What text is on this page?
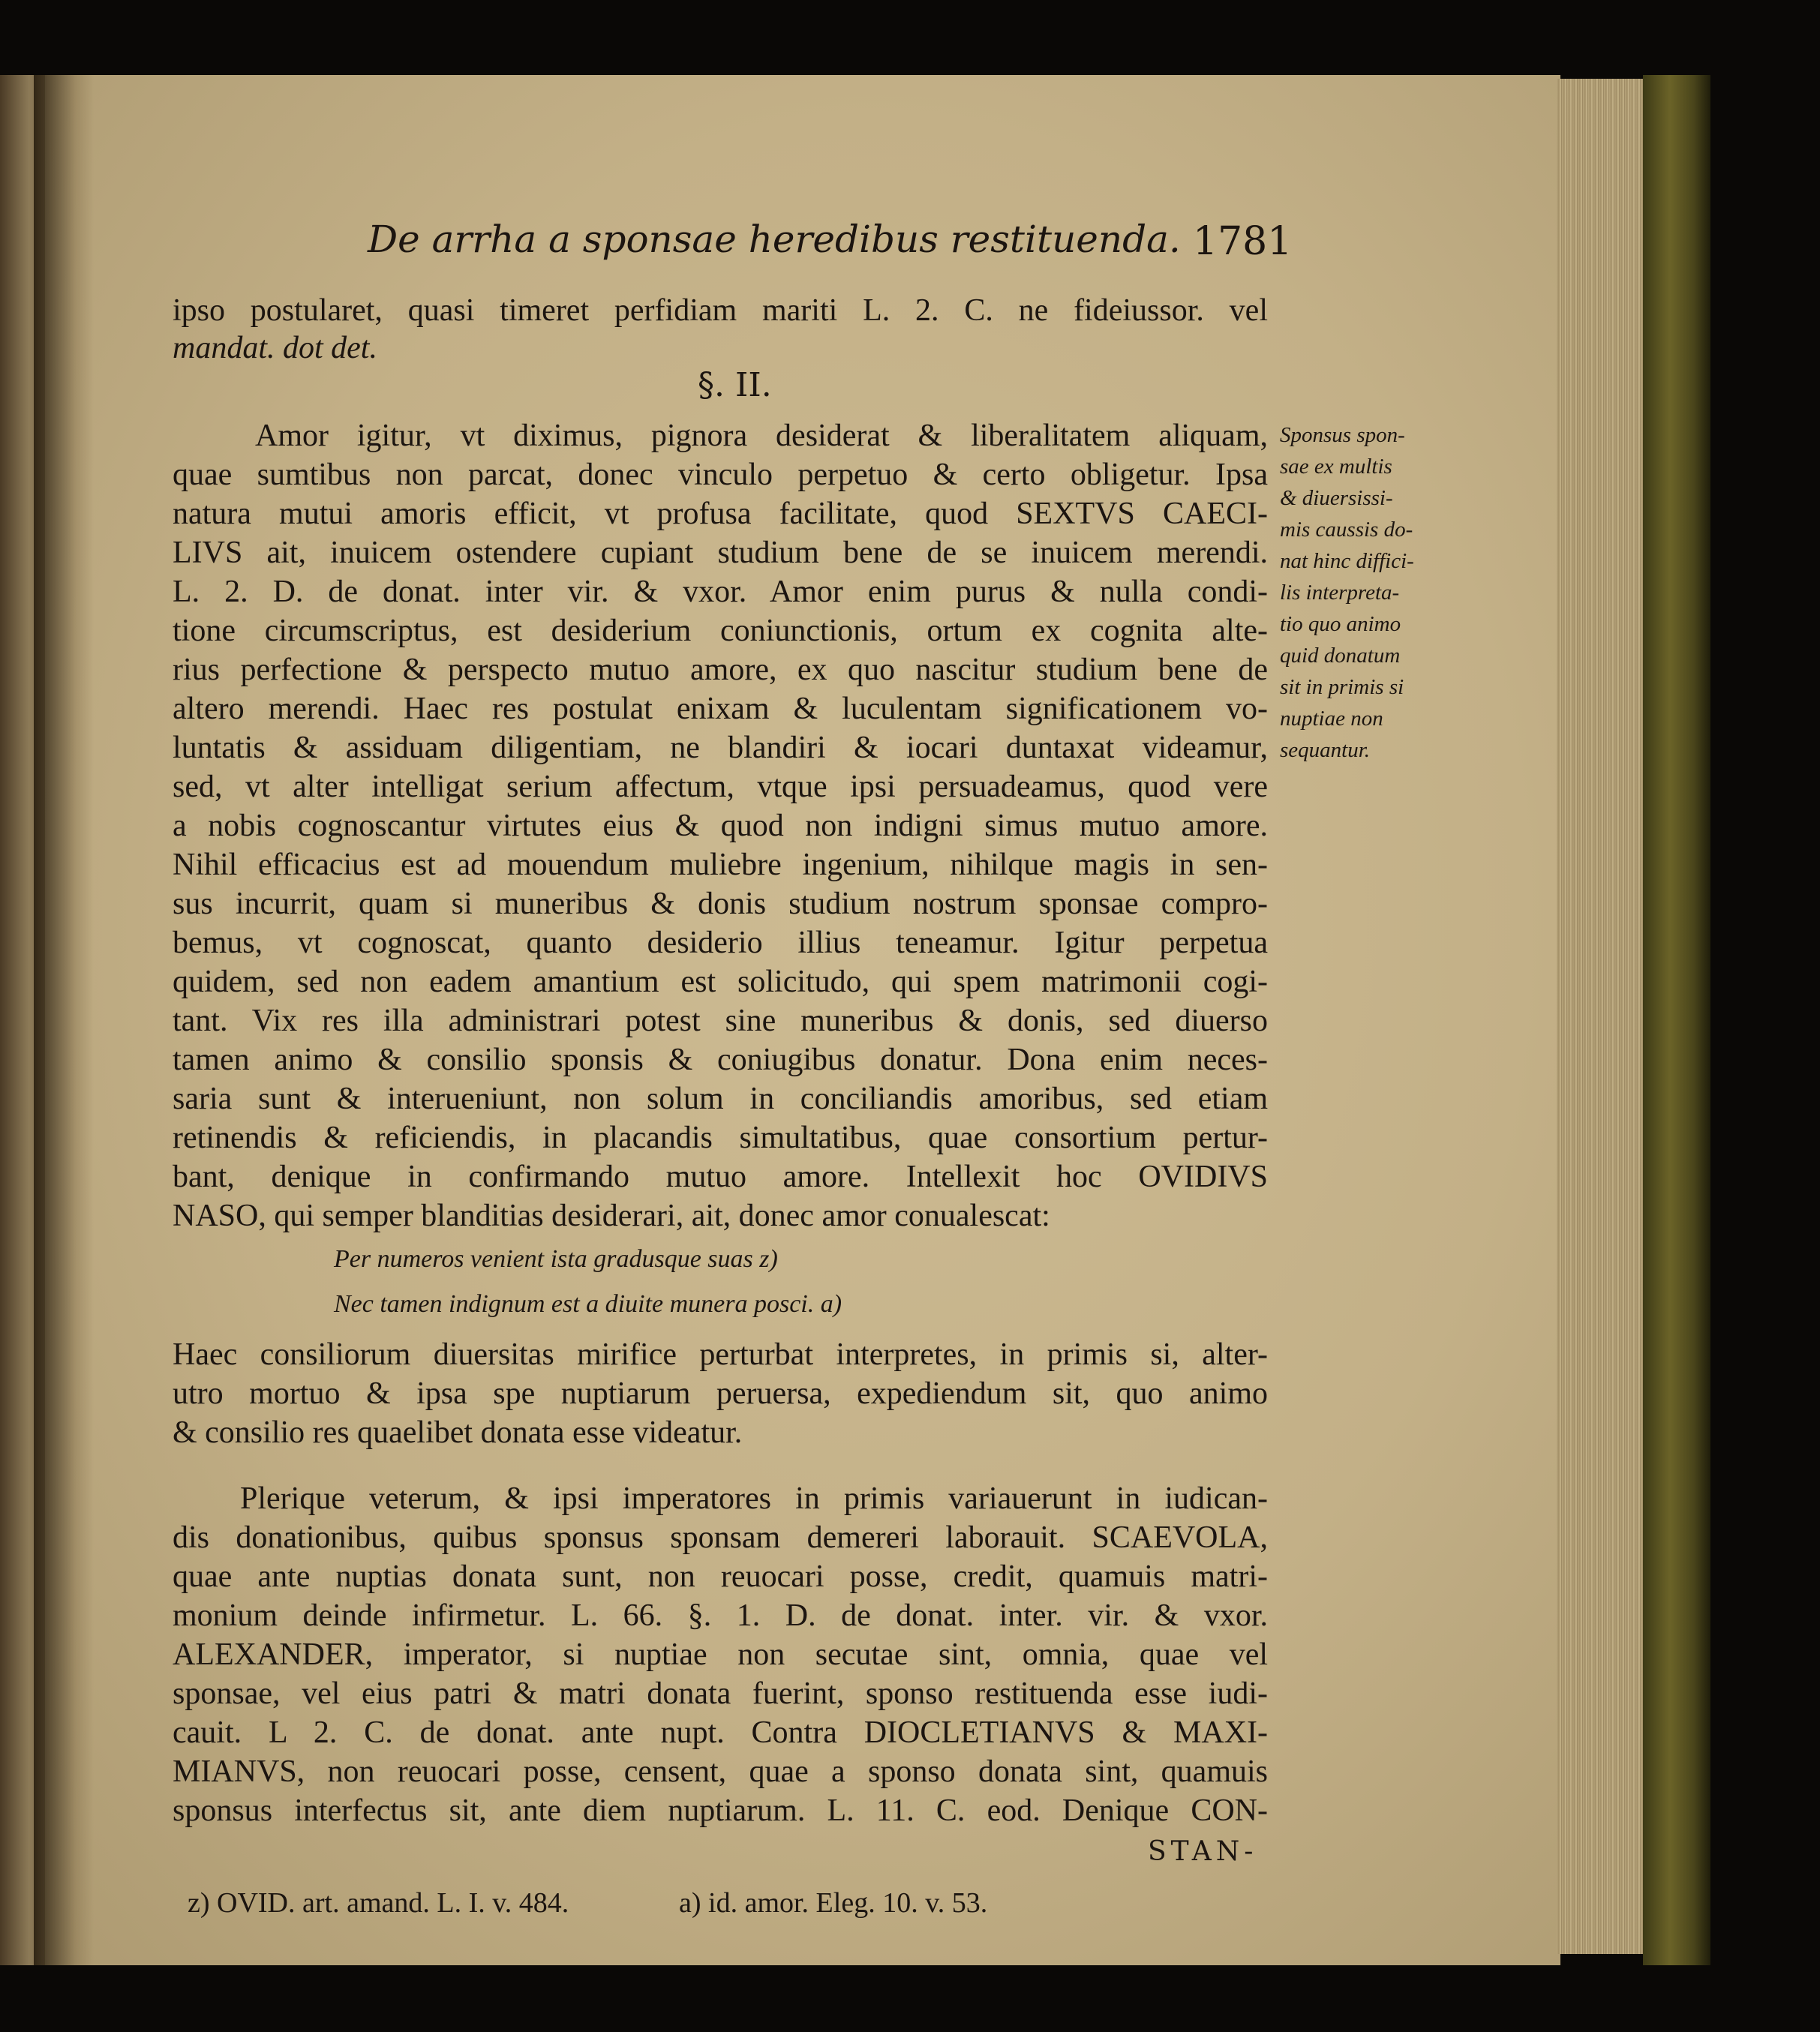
De arrha a sponsae heredibus restituenda. 1781
ipso postularet, quasi timeret perfidiam mariti L. 2. C. ne fideiussor. vel
mandat. dot det.
§. II.
Amor igitur, vt diximus, pignora desiderat & liberalitatem aliquam,
quae sumtibus non parcat, donec vinculo perpetuo & certo obligetur. Ipsa
natura mutui amoris efficit, vt profusa facilitate, quod SEXTVS CAECI-
LIVS ait, inuicem ostendere cupiant studium bene de se inuicem merendi.
L. 2. D. de donat. inter vir. & vxor. Amor enim purus & nulla condi-
tione circumscriptus, est desiderium coniunctionis, ortum ex cognita alte-
rius perfectione & perspecto mutuo amore, ex quo nascitur studium bene de
altero merendi. Haec res postulat enixam & luculentam significationem vo-
luntatis & assiduam diligentiam, ne blandiri & iocari duntaxat videamur,
sed, vt alter intelligat serium affectum, vtque ipsi persuadeamus, quod vere
a nobis cognoscantur virtutes eius & quod non indigni simus mutuo amore.
Nihil efficacius est ad mouendum muliebre ingenium, nihilque magis in sen-
sus incurrit, quam si muneribus & donis studium nostrum sponsae compro-
bemus, vt cognoscat, quanto desiderio illius teneamur. Igitur perpetua
quidem, sed non eadem amantium est solicitudo, qui spem matrimonii cogi-
tant. Vix res illa administrari potest sine muneribus & donis, sed diuerso
tamen animo & consilio sponsis & coniugibus donatur. Dona enim neces-
saria sunt & interueniunt, non solum in conciliandis amoribus, sed etiam
retinendis & reficiendis, in placandis simultatibus, quae consortium pertur-
bant, denique in confirmando mutuo amore. Intellexit hoc OVIDIVS
NASO, qui semper blanditias desiderari, ait, donec amor conualescat:
Per numeros venient ista gradusque suas z)
Nec tamen indignum est a diuite munera posci. a)
Haec consiliorum diuersitas mirifice perturbat interpretes, in primis si, alter-
utro mortuo & ipsa spe nuptiarum peruersa, expediendum sit, quo animo
& consilio res quaelibet donata esse videatur.
Plerique veterum, & ipsi imperatores in primis variauerunt in iudican-
dis donationibus, quibus sponsus sponsam demereri laborauit. SCAEVOLA,
quae ante nuptias donata sunt, non reuocari posse, credit, quamuis matri-
monium deinde infirmetur. L. 66. §. 1. D. de donat. inter. vir. & vxor.
ALEXANDER, imperator, si nuptiae non secutae sint, omnia, quae vel
sponsae, vel eius patri & matri donata fuerint, sponso restituenda esse iudi-
cauit. L 2. C. de donat. ante nupt. Contra DIOCLETIANVS & MAXI-
MIANVS, non reuocari posse, censent, quae a sponso donata sint, quamuis
sponsus interfectus sit, ante diem nuptiarum. L. 11. C. eod. Denique CON-
STAN-
z) OVID. art. amand. L. I. v. 484.	a) id. amor. Eleg. 10. v. 53.
Sponsus spon-
sae ex multis
& diuersissi-
mis caussis do-
nat hinc diffici-
lis interpreta-
tio quo animo
quid donatum
sit in primis si
nuptiae non
sequantur.
